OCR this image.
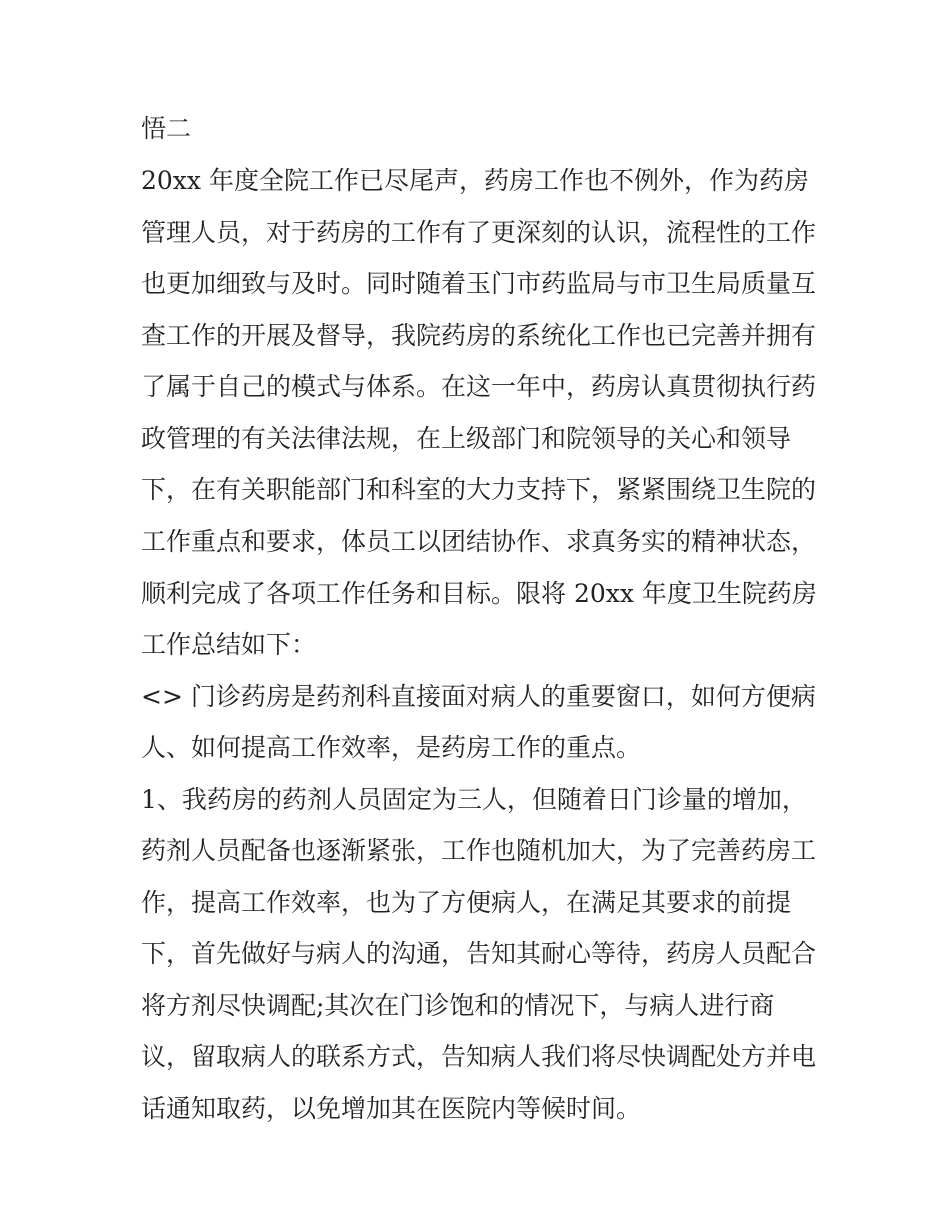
悟二

20xx 年度全院工作已尽尾声，药房工作也不例外，作为药房

管理人员，对于药房的工作有了更深刻的认识，流程性的工作

也更加细致与及时。同时随着玉门市药监局与市卫生局质量互

查工作的开展及督导，我院药房的系统化工作也已完善并拥有

了属于自己的模式与体系。在这一年中，药房认真贯彻执行药

政管理的有关法律法规，在上级部门和院领导的关心和领导

下，在有关职能部门和科室的大力支持下，紧紧围绕卫生院的

工作重点和要求，体员工以团结协作、求真务实的精神状态，

顺利完成了各项工作任务和目标。限将 20xx 年度卫生院药房

工作总结如下：

<> 门诊药房是药剂科直接面对病人的重要窗口，如何方便病

人、如何提高工作效率，是药房工作的重点。

1、我药房的药剂人员固定为三人，但随着日门诊量的增加，

药剂人员配备也逐渐紧张，工作也随机加大，为了完善药房工

作，提高工作效率，也为了方便病人，在满足其要求的前提

下，首先做好与病人的沟通，告知其耐心等待，药房人员配合

将方剂尽快调配;其次在门诊饱和的情况下，与病人进行商

议，留取病人的联系方式，告知病人我们将尽快调配处方并电

话通知取药，以免增加其在医院内等候时间。
